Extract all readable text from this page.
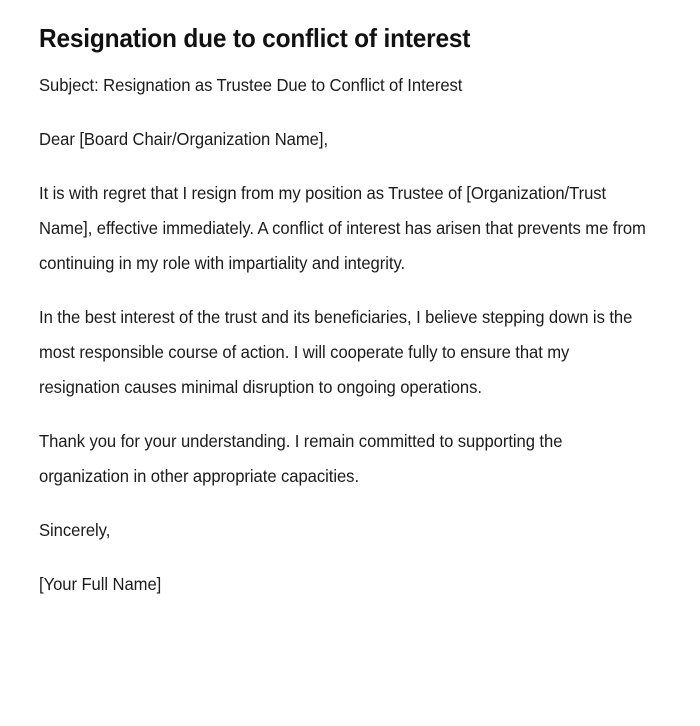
Resignation due to conflict of interest

Subject: Resignation as Trustee Due to Conflict of Interest

Dear [Board Chair/Organization Name],

It is with regret that I resign from my position as Trustee of [Organization/Trust Name], effective immediately. A conflict of interest has arisen that prevents me from continuing in my role with impartiality and integrity.

In the best interest of the trust and its beneficiaries, I believe stepping down is the most responsible course of action. I will cooperate fully to ensure that my resignation causes minimal disruption to ongoing operations.

Thank you for your understanding. I remain committed to supporting the organization in other appropriate capacities.

Sincerely,

[Your Full Name]
